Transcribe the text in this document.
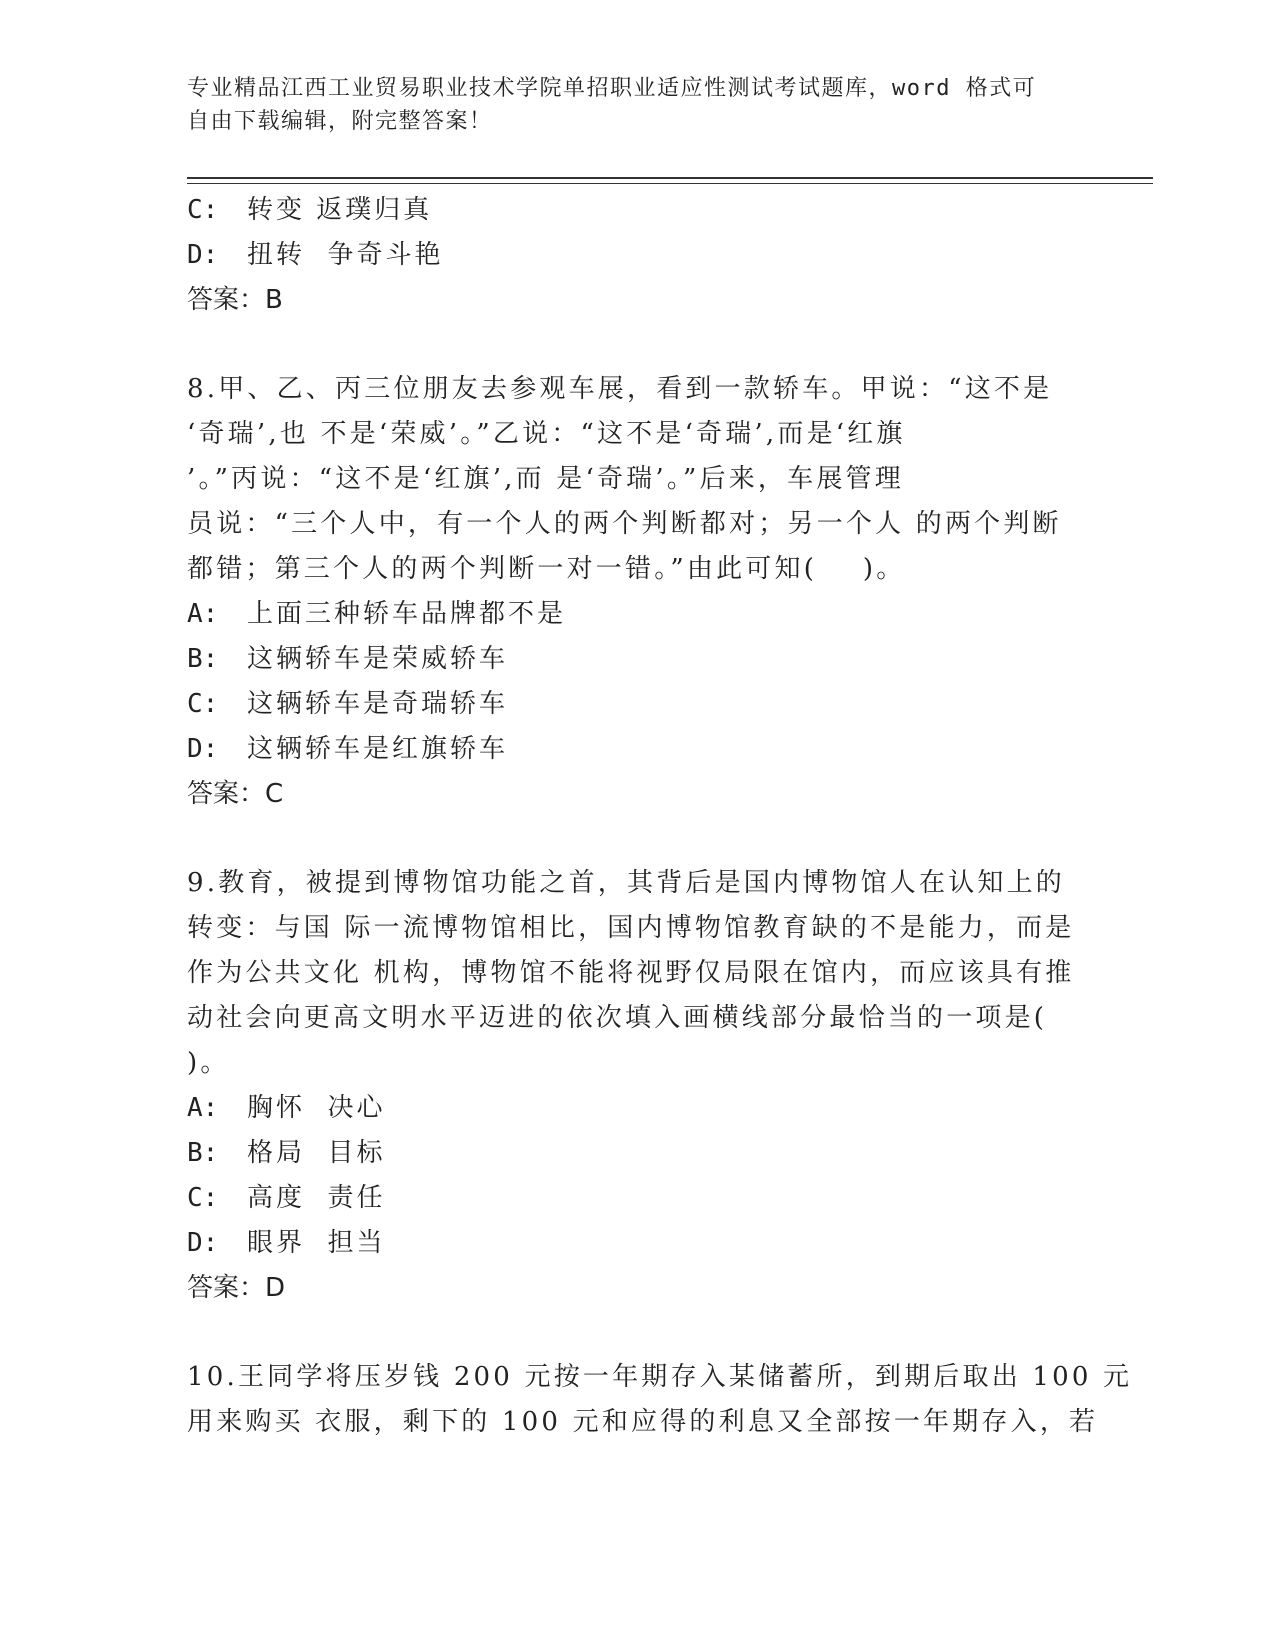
专业精品江西工业贸易职业技术学院单招职业适应性测试考试题库，word 格式可
自由下载编辑，附完整答案！
C: 转变 返璞归真
D: 扭转  争奇斗艳
答案：B
8.甲、乙、丙三位朋友去参观车展，看到一款轿车。甲说：“这不是
‘奇瑞’,也 不是‘荣威’。”乙说：“这不是‘奇瑞’,而是‘红旗
’。”丙说：“这不是‘红旗’,而 是‘奇瑞’。”后来，车展管理
员说：“三个人中，有一个人的两个判断都对；另一个人 的两个判断
都错；第三个人的两个判断一对一错。”由此可知(    )。
A: 上面三种轿车品牌都不是
B: 这辆轿车是荣威轿车
C: 这辆轿车是奇瑞轿车
D: 这辆轿车是红旗轿车
答案：C
9.教育，被提到博物馆功能之首，其背后是国内博物馆人在认知上的
转变：与国 际一流博物馆相比，国内博物馆教育缺的不是能力，而是
作为公共文化 机构，博物馆不能将视野仅局限在馆内，而应该具有推
动社会向更高文明水平迈进的依次填入画横线部分最恰当的一项是(
)。
A: 胸怀  决心
B: 格局  目标
C: 高度  责任
D: 眼界  担当
答案：D
10.王同学将压岁钱 200 元按一年期存入某储蓄所，到期后取出 100 元
用来购买 衣服，剩下的 100 元和应得的利息又全部按一年期存入，若
